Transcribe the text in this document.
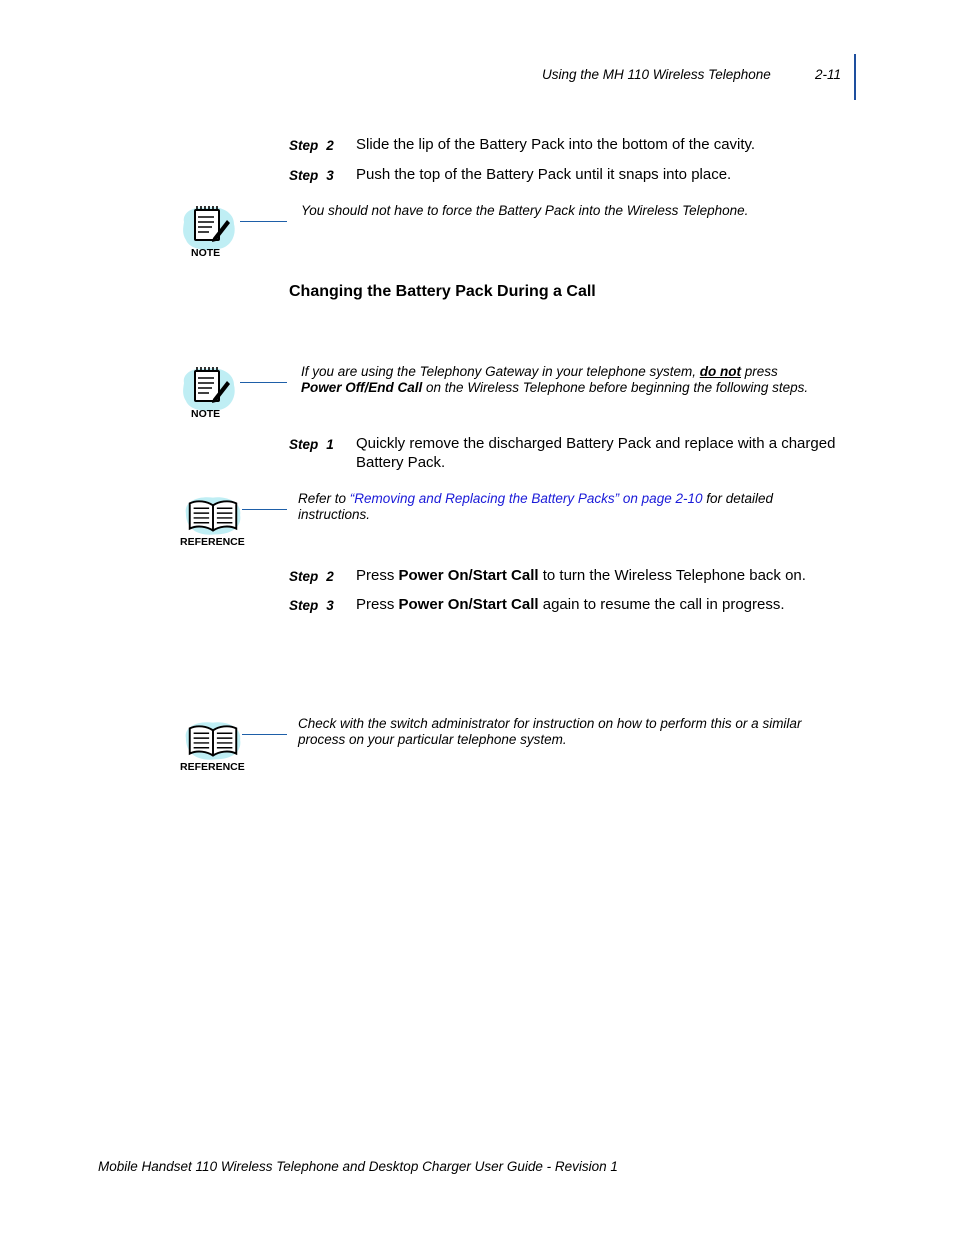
Using the MH 110 Wireless Telephone	2-11
Step 2 Slide the lip of the Battery Pack into the bottom of the cavity.
Step 3 Push the top of the Battery Pack until it snaps into place.
NOTE
You should not have to force the Battery Pack into the Wireless Telephone.
Changing the Battery Pack During a Call
NOTE
If you are using the Telephony Gateway in your telephone system, do not press Power Off/End Call on the Wireless Telephone before beginning the following steps.
Step 1 Quickly remove the discharged Battery Pack and replace with a charged Battery Pack.
REFERENCE
Refer to “Removing and Replacing the Battery Packs” on page 2-10 for detailed instructions.
Step 2 Press Power On/Start Call to turn the Wireless Telephone back on.
Step 3 Press Power On/Start Call again to resume the call in progress.
REFERENCE
Check with the switch administrator for instruction on how to perform this or a similar process on your particular telephone system.
Mobile Handset 110 Wireless Telephone and Desktop Charger User Guide - Revision 1
